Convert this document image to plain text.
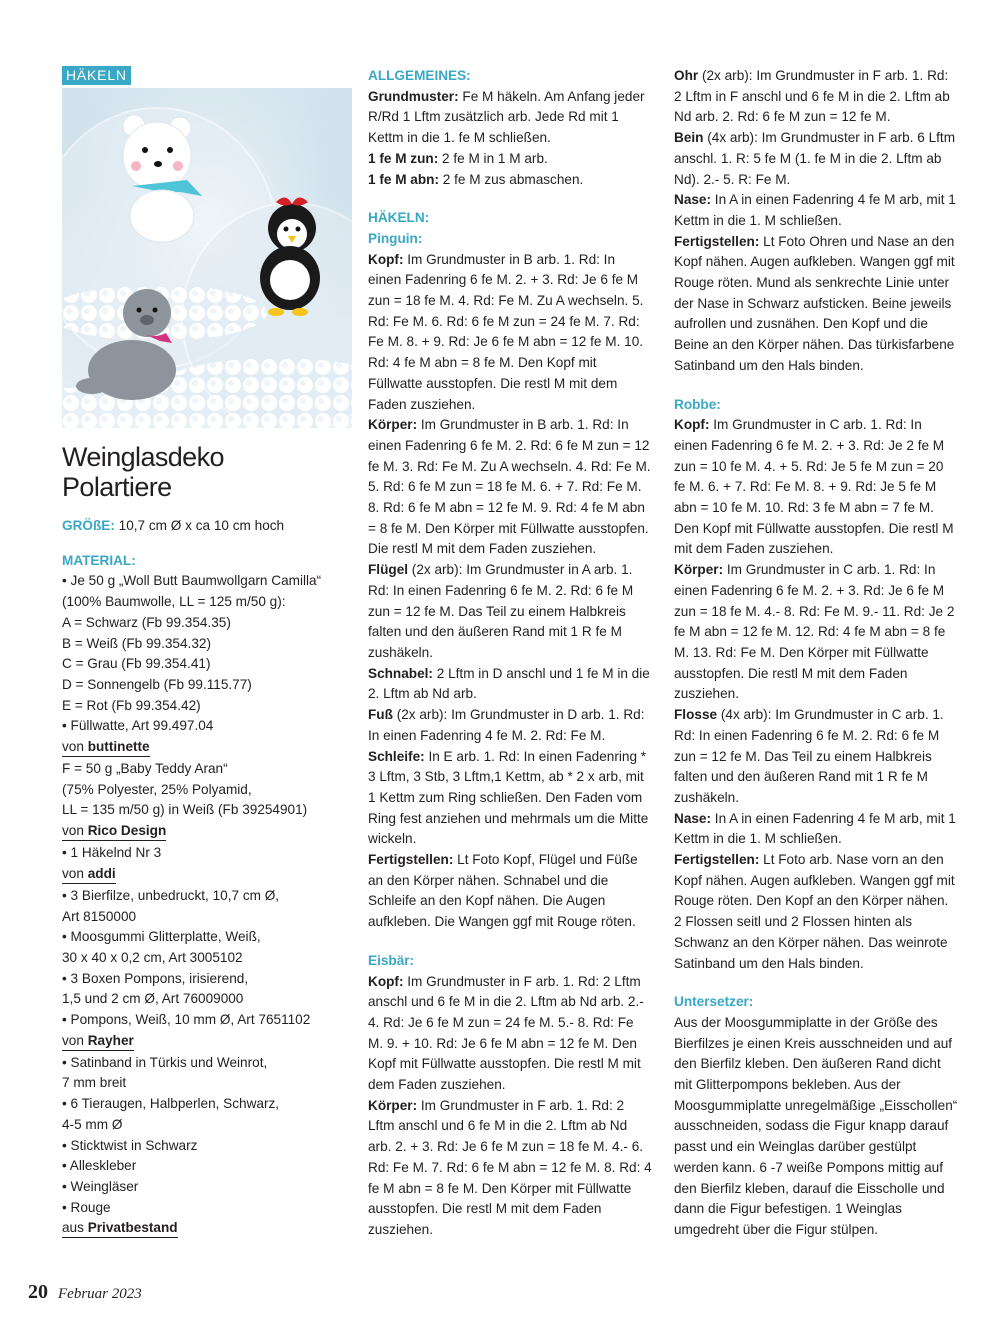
HÄKELN
Weinglasdeko
Polartiere
GRÖßE: 10,7 cm Ø x ca 10 cm hoch
MATERIAL:
• Je 50 g „Woll Butt Baumwollgarn Camilla“
(100% Baumwolle, LL = 125 m/50 g):
A = Schwarz (Fb 99.354.35)
B = Weiß (Fb 99.354.32)
C = Grau (Fb 99.354.41)
D = Sonnengelb (Fb 99.115.77)
E = Rot (Fb 99.354.42)
• Füllwatte, Art 99.497.04
von buttinette
F = 50 g „Baby Teddy Aran“
(75% Polyester, 25% Polyamid,
LL = 135 m/50 g) in Weiß (Fb 39254901)
von Rico Design
• 1 Häkelnd Nr 3
von addi
• 3 Bierfilze, unbedruckt, 10,7 cm Ø,
Art 8150000
• Moosgummi Glitterplatte, Weiß,
30 x 40 x 0,2 cm, Art 3005102
• 3 Boxen Pompons, irisierend,
1,5 und 2 cm Ø, Art 76009000
• Pompons, Weiß, 10 mm Ø, Art 7651102
von Rayher
• Satinband in Türkis und Weinrot,
7 mm breit
• 6 Tieraugen, Halbperlen, Schwarz,
4-5 mm Ø
• Sticktwist in Schwarz
• Alleskleber
• Weingläser
• Rouge
aus Privatbestand
ALLGEMEINES:
Grundmuster: Fe M häkeln. Am Anfang jeder R/Rd 1 Lftm zusätzlich arb. Jede Rd mit 1 Kettm in die 1. fe M schließen.
1 fe M zun: 2 fe M in 1 M arb.
1 fe M abn: 2 fe M zus abmaschen.
HÄKELN:
Pinguin:
Kopf: Im Grundmuster in B arb. 1. Rd: In einen Fadenring 6 fe M. 2. + 3. Rd: Je 6 fe M zun = 18 fe M. 4. Rd: Fe M. Zu A wechseln. 5. Rd: Fe M. 6. Rd: 6 fe M zun = 24 fe M. 7. Rd: Fe M. 8. + 9. Rd: Je 6 fe M abn = 12 fe M. 10. Rd: 4 fe M abn = 8 fe M. Den Kopf mit Füllwatte ausstopfen. Die restl M mit dem Faden zusziehen.
Körper: Im Grundmuster in B arb. 1. Rd: In einen Fadenring 6 fe M. 2. Rd: 6 fe M zun = 12 fe M. 3. Rd: Fe M. Zu A wechseln. 4. Rd: Fe M. 5. Rd: 6 fe M zun = 18 fe M. 6. + 7. Rd: Fe M. 8. Rd: 6 fe M abn = 12 fe M. 9. Rd: 4 fe M abn = 8 fe M. Den Körper mit Füllwatte ausstopfen. Die restl M mit dem Faden zusziehen.
Flügel (2x arb): Im Grundmuster in A arb. 1. Rd: In einen Fadenring 6 fe M. 2. Rd: 6 fe M zun = 12 fe M. Das Teil zu einem Halbkreis falten und den äußeren Rand mit 1 R fe M zushäkeln.
Schnabel: 2 Lftm in D anschl und 1 fe M in die 2. Lftm ab Nd arb.
Fuß (2x arb): Im Grundmuster in D arb. 1. Rd: In einen Fadenring 4 fe M. 2. Rd: Fe M.
Schleife: In E arb. 1. Rd: In einen Fadenring * 3 Lftm, 3 Stb, 3 Lftm,1 Kettm, ab * 2 x arb, mit 1 Kettm zum Ring schließen. Den Faden vom Ring fest anziehen und mehrmals um die Mitte wickeln.
Fertigstellen: Lt Foto Kopf, Flügel und Füße an den Körper nähen. Schnabel und die Schleife an den Kopf nähen. Die Augen aufkleben. Die Wangen ggf mit Rouge röten.
Eisbär:
Kopf: Im Grundmuster in F arb. 1. Rd: 2 Lftm anschl und 6 fe M in die 2. Lftm ab Nd arb. 2.- 4. Rd: Je 6 fe M zun = 24 fe M. 5.- 8. Rd: Fe M. 9. + 10. Rd: Je 6 fe M abn = 12 fe M. Den Kopf mit Füllwatte ausstopfen. Die restl M mit dem Faden zusziehen.
Körper: Im Grundmuster in F arb. 1. Rd: 2 Lftm anschl und 6 fe M in die 2. Lftm ab Nd arb. 2. + 3. Rd: Je 6 fe M zun = 18 fe M. 4.- 6. Rd: Fe M. 7. Rd: 6 fe M abn = 12 fe M. 8. Rd: 4 fe M abn = 8 fe M. Den Körper mit Füllwatte ausstopfen. Die restl M mit dem Faden zusziehen.
Ohr (2x arb): Im Grundmuster in F arb. 1. Rd: 2 Lftm in F anschl und 6 fe M in die 2. Lftm ab Nd arb. 2. Rd: 6 fe M zun = 12 fe M.
Bein (4x arb): Im Grundmuster in F arb. 6 Lftm anschl. 1. R: 5 fe M (1. fe M in die 2. Lftm ab Nd). 2.- 5. R: Fe M.
Nase: In A in einen Fadenring 4 fe M arb, mit 1 Kettm in die 1. M schließen.
Fertigstellen: Lt Foto Ohren und Nase an den Kopf nähen. Augen aufkleben. Wangen ggf mit Rouge röten. Mund als senkrechte Linie unter der Nase in Schwarz aufsticken. Beine jeweils aufrollen und zusnähen. Den Kopf und die Beine an den Körper nähen. Das türkisfarbene Satinband um den Hals binden.
Robbe:
Kopf: Im Grundmuster in C arb. 1. Rd: In einen Fadenring 6 fe M. 2. + 3. Rd: Je 2 fe M zun = 10 fe M. 4. + 5. Rd: Je 5 fe M zun = 20 fe M. 6. + 7. Rd: Fe M. 8. + 9. Rd: Je 5 fe M abn = 10 fe M. 10. Rd: 3 fe M abn = 7 fe M. Den Kopf mit Füllwatte ausstopfen. Die restl M mit dem Faden zusziehen.
Körper: Im Grundmuster in C arb. 1. Rd: In einen Fadenring 6 fe M. 2. + 3. Rd: Je 6 fe M zun = 18 fe M. 4.- 8. Rd: Fe M. 9.- 11. Rd: Je 2 fe M abn = 12 fe M. 12. Rd: 4 fe M abn = 8 fe M. 13. Rd: Fe M. Den Körper mit Füllwatte ausstopfen. Die restl M mit dem Faden zusziehen.
Flosse (4x arb): Im Grundmuster in C arb. 1. Rd: In einen Fadenring 6 fe M. 2. Rd: 6 fe M zun = 12 fe M. Das Teil zu einem Halbkreis falten und den äußeren Rand mit 1 R fe M zushäkeln.
Nase: In A in einen Fadenring 4 fe M arb, mit 1 Kettm in die 1. M schließen.
Fertigstellen: Lt Foto arb. Nase vorn an den Kopf nähen. Augen aufkleben. Wangen ggf mit Rouge röten. Den Kopf an den Körper nähen. 2 Flossen seitl und 2 Flossen hinten als Schwanz an den Körper nähen. Das weinrote Satinband um den Hals binden.
Untersetzer:
Aus der Moosgummiplatte in der Größe des Bierfilzes je einen Kreis ausschneiden und auf den Bierfilz kleben. Den äußeren Rand dicht mit Glitterpompons bekleben. Aus der Moosgummiplatte unregelmäßige „Eisschollen“ ausschneiden, sodass die Figur knapp darauf passt und ein Weinglas darüber gestülpt werden kann. 6 -7 weiße Pompons mittig auf den Bierfilz kleben, darauf die Eisscholle und dann die Figur befestigen. 1 Weinglas umgedreht über die Figur stülpen.
20 Februar 2023
